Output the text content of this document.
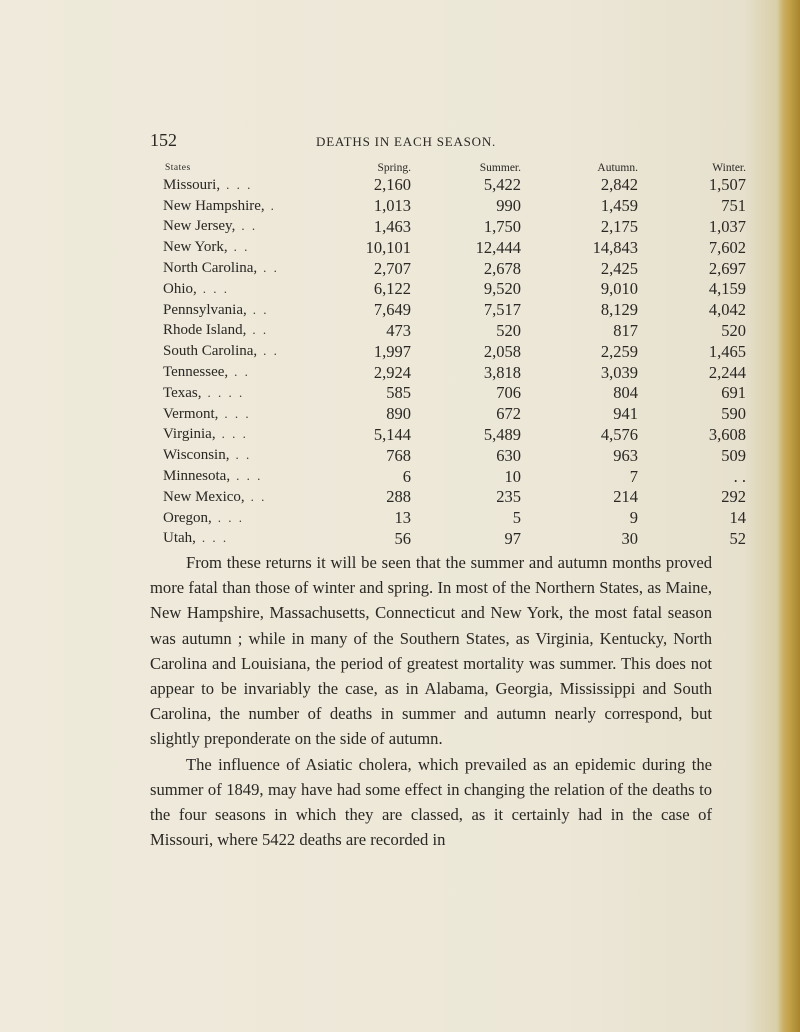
152	DEATHS IN EACH SEASON.
States	Spring.	Summer.	Autumn.	Winter.
Missouri, . . .	2,160	5,422	2,842	1,507
New Hampshire, .	1,013	990	1,459	751
New Jersey, . .	1,463	1,750	2,175	1,037
New York, . .	10,101	12,444	14,843	7,602
North Carolina, . .	2,707	2,678	2,425	2,697
Ohio, . . .	6,122	9,520	9,010	4,159
Pennsylvania, . .	7,649	7,517	8,129	4,042
Rhode Island, . .	473	520	817	520
South Carolina, . .	1,997	2,058	2,259	1,465
Tennessee, . .	2,924	3,818	3,039	2,244
Texas, . . . .	585	706	804	691
Vermont, . . .	890	672	941	590
Virginia, . . .	5,144	5,489	4,576	3,608
Wisconsin, . .	768	630	963	509
Minnesota, . . .	6	10	7	. .
New Mexico, . .	288	235	214	292
Oregon, . . .	13	5	9	14
Utah, . . .	56	97	30	52

From these returns it will be seen that the summer and autumn months proved more fatal than those of winter and spring. In most of the Northern States, as Maine, New Hampshire, Massachusetts, Connecticut and New York, the most fatal season was autumn ; while in many of the Southern States, as Virginia, Kentucky, North Carolina and Louisiana, the period of greatest mortality was summer. This does not appear to be invariably the case, as in Alabama, Georgia, Mississippi and South Carolina, the number of deaths in summer and autumn nearly correspond, but slightly preponderate on the side of autumn.

The influence of Asiatic cholera, which prevailed as an epidemic during the summer of 1849, may have had some effect in changing the relation of the deaths to the four seasons in which they are classed, as it certainly had in the case of Missouri, where 5422 deaths are recorded in
